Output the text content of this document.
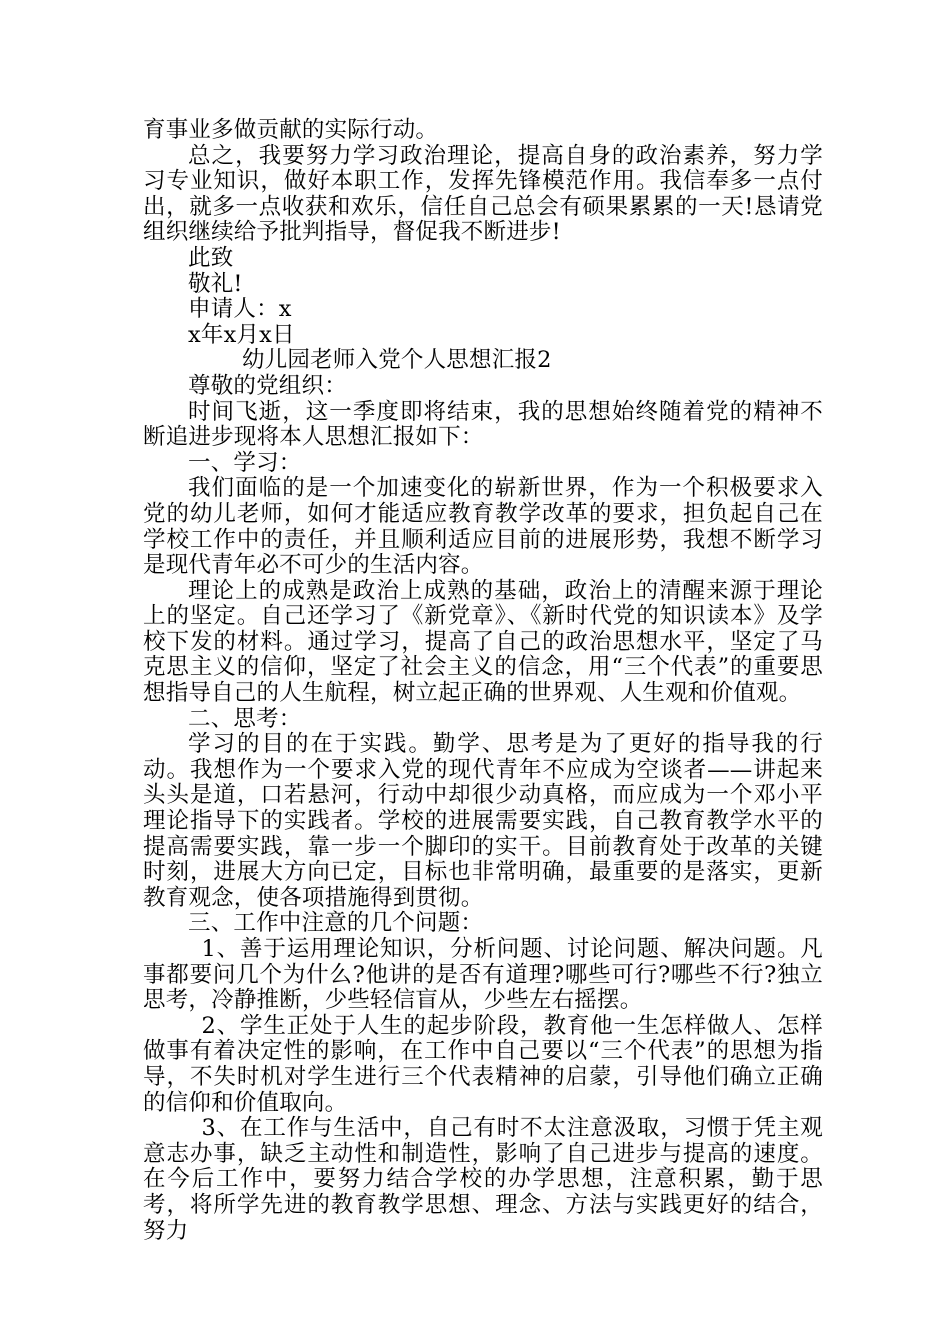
育事业多做贡献的实际行动。

总之，我要努力学习政治理论，提高自身的政治素养，努力学习专业知识，做好本职工作，发挥先锋模范作用。我信奉多一点付出，就多一点收获和欢乐，信任自己总会有硕果累累的一天!恳请党组织继续给予批判指导，督促我不断进步!

此致

敬礼!

申请人：x

x年x月x日

幼儿园老师入党个人思想汇报2

尊敬的党组织：

时间飞逝，这一季度即将结束，我的思想始终随着党的精神不断追进步现将本人思想汇报如下：

一、学习：

我们面临的是一个加速变化的崭新世界，作为一个积极要求入党的幼儿老师，如何才能适应教育教学改革的要求，担负起自己在学校工作中的责任，并且顺利适应目前的进展形势，我想不断学习是现代青年必不可少的生活内容。

理论上的成熟是政治上成熟的基础，政治上的清醒来源于理论上的坚定。自己还学习了《新党章》、《新时代党的知识读本》及学校下发的材料。通过学习，提高了自己的政治思想水平，坚定了马克思主义的信仰，坚定了社会主义的信念，用“三个代表”的重要思想指导自己的人生航程，树立起正确的世界观、人生观和价值观。

二、思考：

学习的目的在于实践。勤学、思考是为了更好的指导我的行动。我想作为一个要求入党的现代青年不应成为空谈者——讲起来头头是道，口若悬河，行动中却很少动真格，而应成为一个邓小平理论指导下的实践者。学校的进展需要实践，自己教育教学水平的提高需要实践，靠一步一个脚印的实干。目前教育处于改革的关键时刻，进展大方向已定，目标也非常明确，最重要的是落实，更新教育观念，使各项措施得到贯彻。

三、工作中注意的几个问题：

1、善于运用理论知识，分析问题、讨论问题、解决问题。凡事都要问几个为什么?他讲的是否有道理?哪些可行?哪些不行?独立思考，冷静推断，少些轻信盲从，少些左右摇摆。

2、学生正处于人生的起步阶段，教育他一生怎样做人、怎样做事有着决定性的影响，在工作中自己要以“三个代表”的思想为指导，不失时机对学生进行三个代表精神的启蒙，引导他们确立正确的信仰和价值取向。

3、在工作与生活中，自己有时不太注意汲取，习惯于凭主观意志办事，缺乏主动性和制造性，影响了自己进步与提高的速度。在今后工作中，要努力结合学校的办学思想，注意积累，勤于思考，将所学先进的教育教学思想、理念、方法与实践更好的结合，努力
